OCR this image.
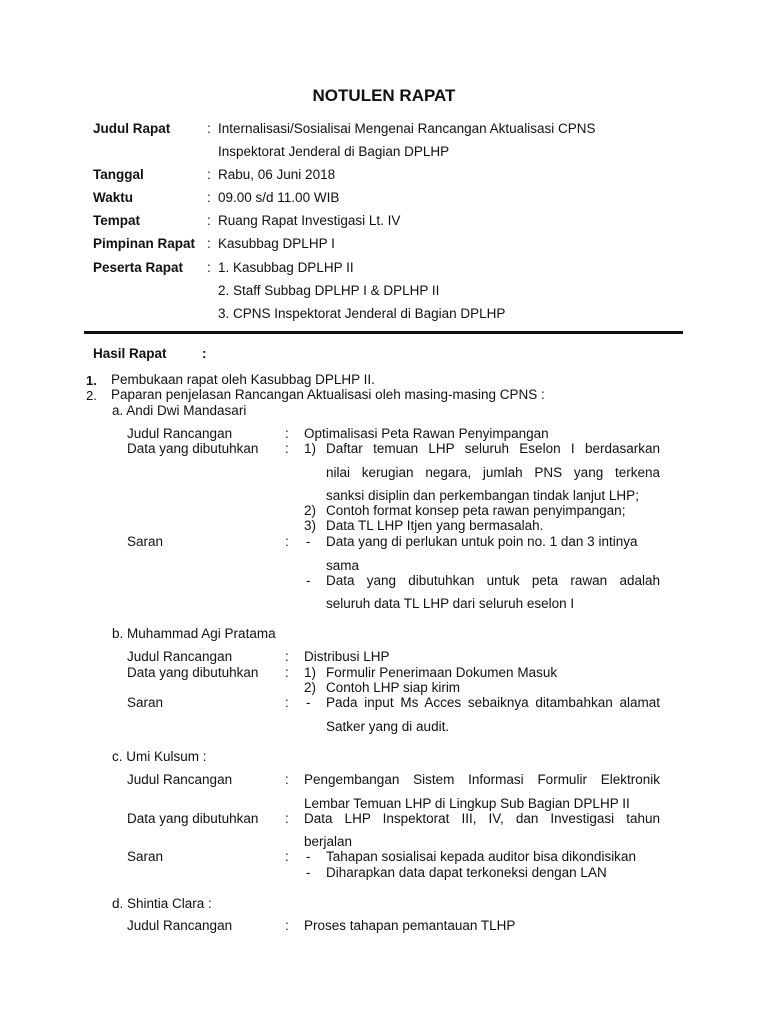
NOTULEN RAPAT
Judul Rapat	: Internalisasi/Sosialisai Mengenai Rancangan Aktualisasi CPNS
Inspektorat Jenderal di Bagian DPLHP
Tanggal	: Rabu, 06 Juni 2018
Waktu	: 09.00 s/d 11.00 WIB
Tempat	: Ruang Rapat Investigasi Lt. IV
Pimpinan Rapat : Kasubbag DPLHP I
Peserta Rapat : 1. Kasubbag DPLHP II
2. Staff Subbag DPLHP I & DPLHP II
3. CPNS Inspektorat Jenderal di Bagian DPLHP
Hasil Rapat	:
1. Pembukaan rapat oleh Kasubbag DPLHP II.
2. Paparan penjelasan Rancangan Aktualisasi oleh masing-masing CPNS :
a. Andi Dwi Mandasari
Judul Rancangan	: Optimalisasi Peta Rawan Penyimpangan
Data yang dibutuhkan : 1) Daftar temuan LHP seluruh Eselon I berdasarkan
nilai kerugian negara, jumlah PNS yang terkena
sanksi disiplin dan perkembangan tindak lanjut LHP;
2) Contoh format konsep peta rawan penyimpangan;
3) Data TL LHP Itjen yang bermasalah.
Saran	: - Data yang di perlukan untuk poin no. 1 dan 3 intinya
sama
- Data yang dibutuhkan untuk peta rawan adalah
seluruh data TL LHP dari seluruh eselon I
b. Muhammad Agi Pratama
Judul Rancangan	: Distribusi LHP
Data yang dibutuhkan : 1) Formulir Penerimaan Dokumen Masuk
2) Contoh LHP siap kirim
Saran	: - Pada input Ms Acces sebaiknya ditambahkan alamat
Satker yang di audit.
c. Umi Kulsum :
Judul Rancangan	: Pengembangan Sistem Informasi Formulir Elektronik
Lembar Temuan LHP di Lingkup Sub Bagian DPLHP II
Data yang dibutuhkan : Data LHP Inspektorat III, IV, dan Investigasi tahun
berjalan
Saran	: - Tahapan sosialisai kepada auditor bisa dikondisikan
- Diharapkan data dapat terkoneksi dengan LAN
d. Shintia Clara :
Judul Rancangan	: Proses tahapan pemantauan TLHP
